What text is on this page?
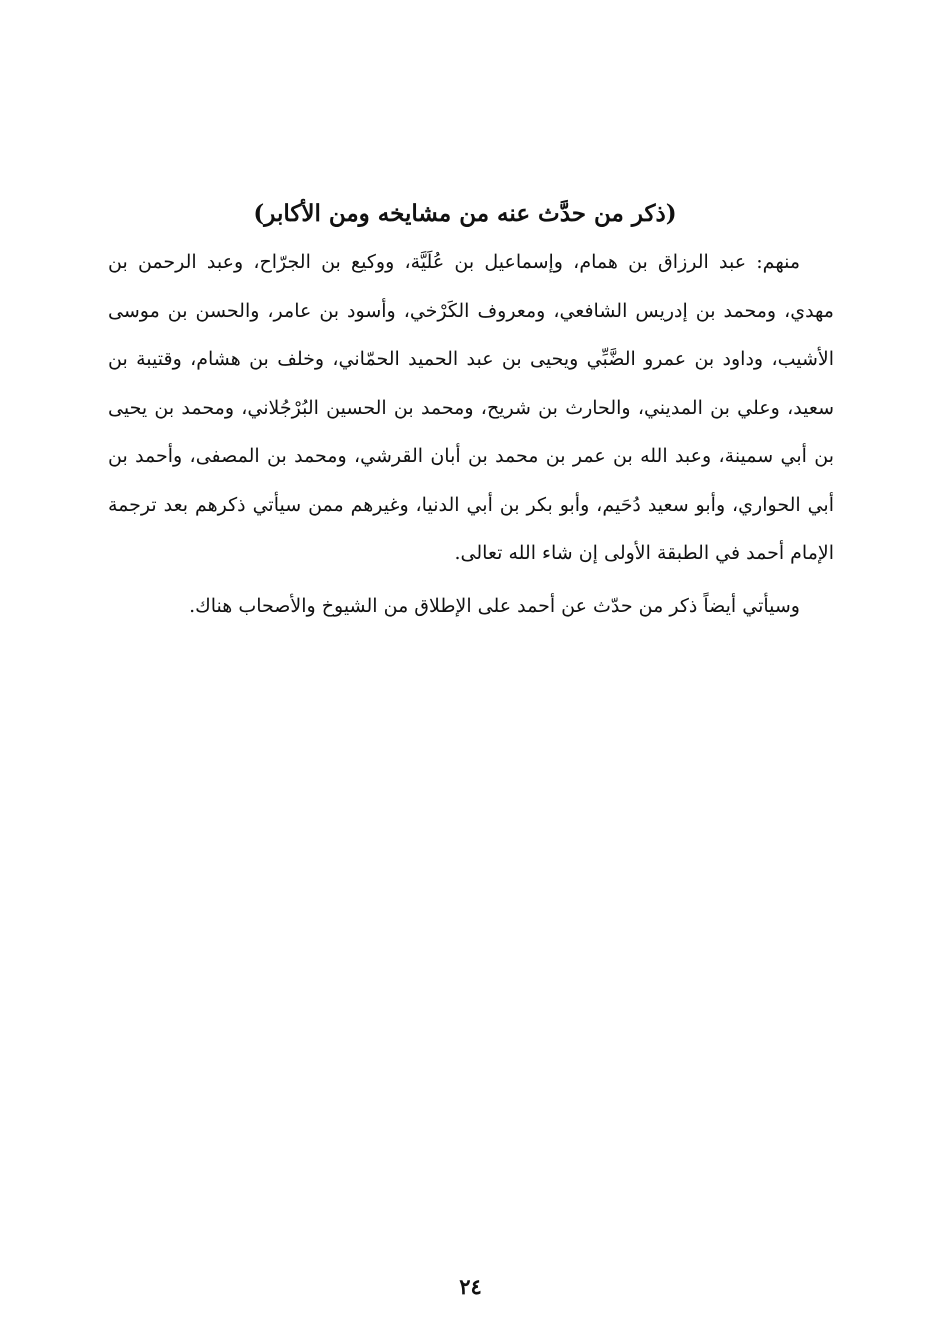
(ذكر من حدَّث عنه من مشايخه ومن الأكابر)

منهم: عبد الرزاق بن همام، وإسماعيل بن عُلَيَّة، ووكيع بن الجرّاح، وعبد الرحمن بن مهدي، ومحمد بن إدريس الشافعي، ومعروف الكَرْخي، وأسود بن عامر، والحسن بن موسى الأشيب، وداود بن عمرو الضَّبِّي ويحيى بن عبد الحميد الحمّاني، وخلف بن هشام، وقتيبة بن سعيد، وعلي بن المديني، والحارث بن شريح، ومحمد بن الحسين البُرْجُلاني، ومحمد بن يحيى بن أبي سمينة، وعبد الله بن عمر بن محمد بن أبان القرشي، ومحمد بن المصفى، وأحمد بن أبي الحواري، وأبو سعيد دُحَيم، وأبو بكر بن أبي الدنيا، وغيرهم ممن سيأتي ذكرهم بعد ترجمة الإمام أحمد في الطبقة الأولى إن شاء الله تعالى.

وسيأتي أيضاً ذكر من حدّث عن أحمد على الإطلاق من الشيوخ والأصحاب هناك.

٢٤
